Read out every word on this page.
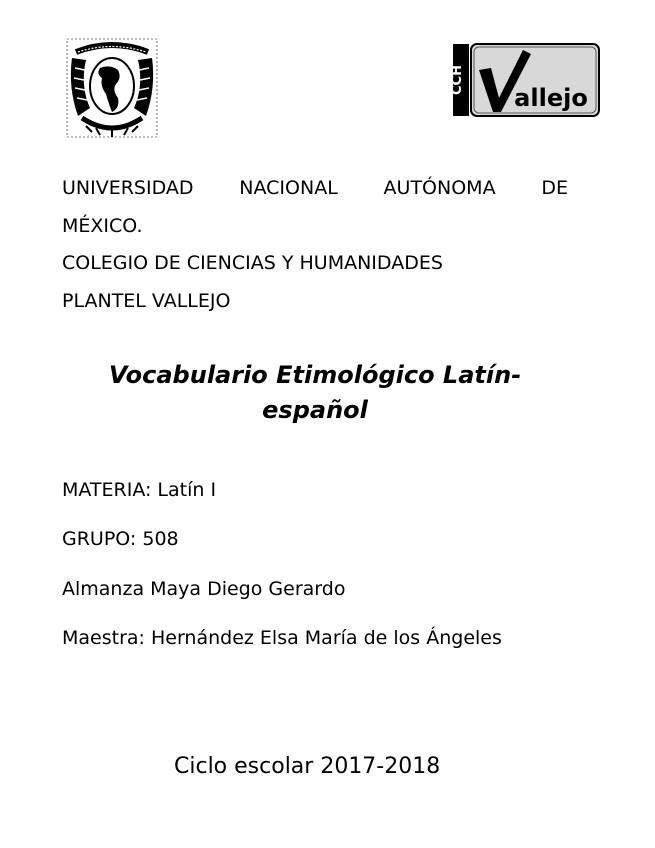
CCH
allejo
UNIVERSIDAD NACIONAL AUTÓNOMA DE
MÉXICO.
COLEGIO DE CIENCIAS Y HUMANIDADES
PLANTEL VALLEJO
Vocabulario Etimológico Latín-
español
MATERIA: Latín I
GRUPO: 508
Almanza Maya Diego Gerardo
Maestra: Hernández Elsa María de los Ángeles
Ciclo escolar 2017-2018
